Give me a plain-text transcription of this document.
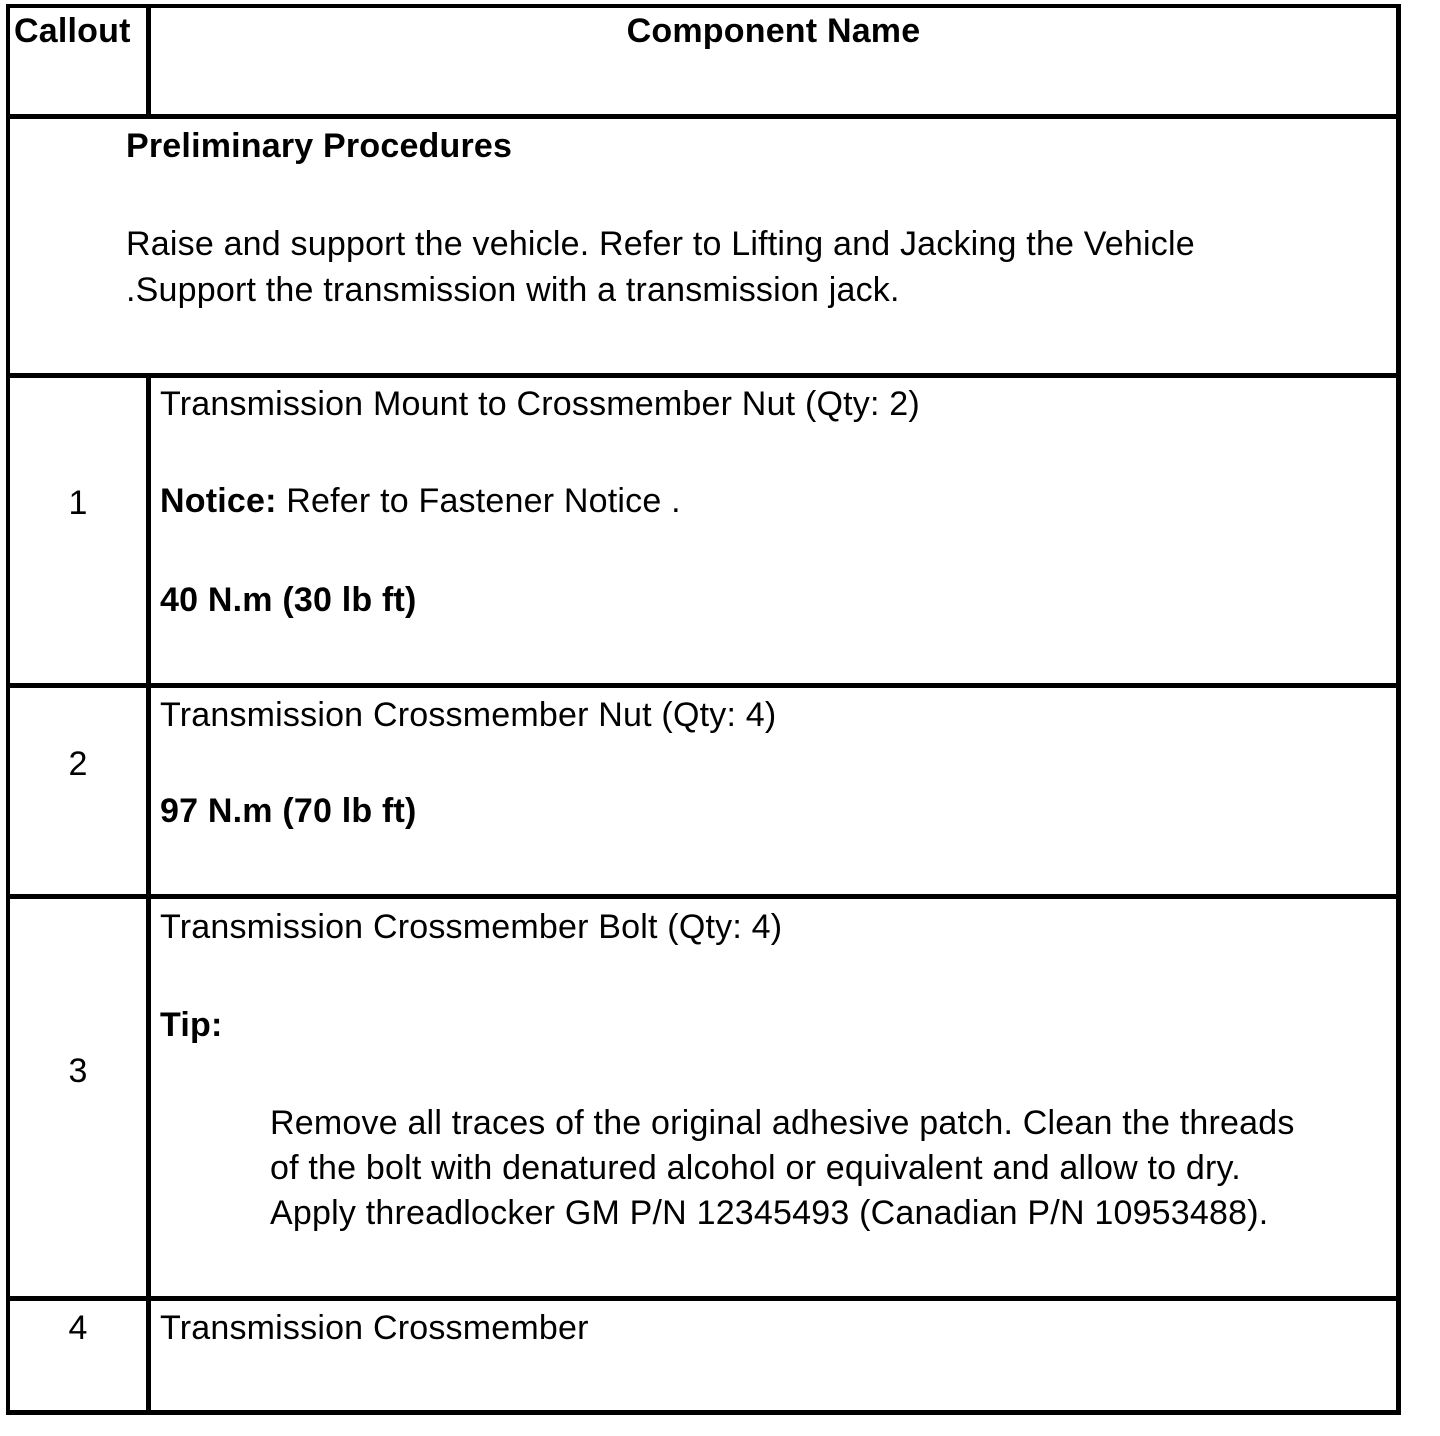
Callout	Component Name
Preliminary Procedures
Raise and support the vehicle. Refer to Lifting and Jacking the Vehicle
.Support the transmission with a transmission jack.
1
Transmission Mount to Crossmember Nut (Qty: 2)
Notice: Refer to Fastener Notice .
40 N.m (30 lb ft)
2
Transmission Crossmember Nut (Qty: 4)
97 N.m (70 lb ft)
3
Transmission Crossmember Bolt (Qty: 4)
Tip:
Remove all traces of the original adhesive patch. Clean the threads
of the bolt with denatured alcohol or equivalent and allow to dry.
Apply threadlocker GM P/N 12345493 (Canadian P/N 10953488).
4	Transmission Crossmember
